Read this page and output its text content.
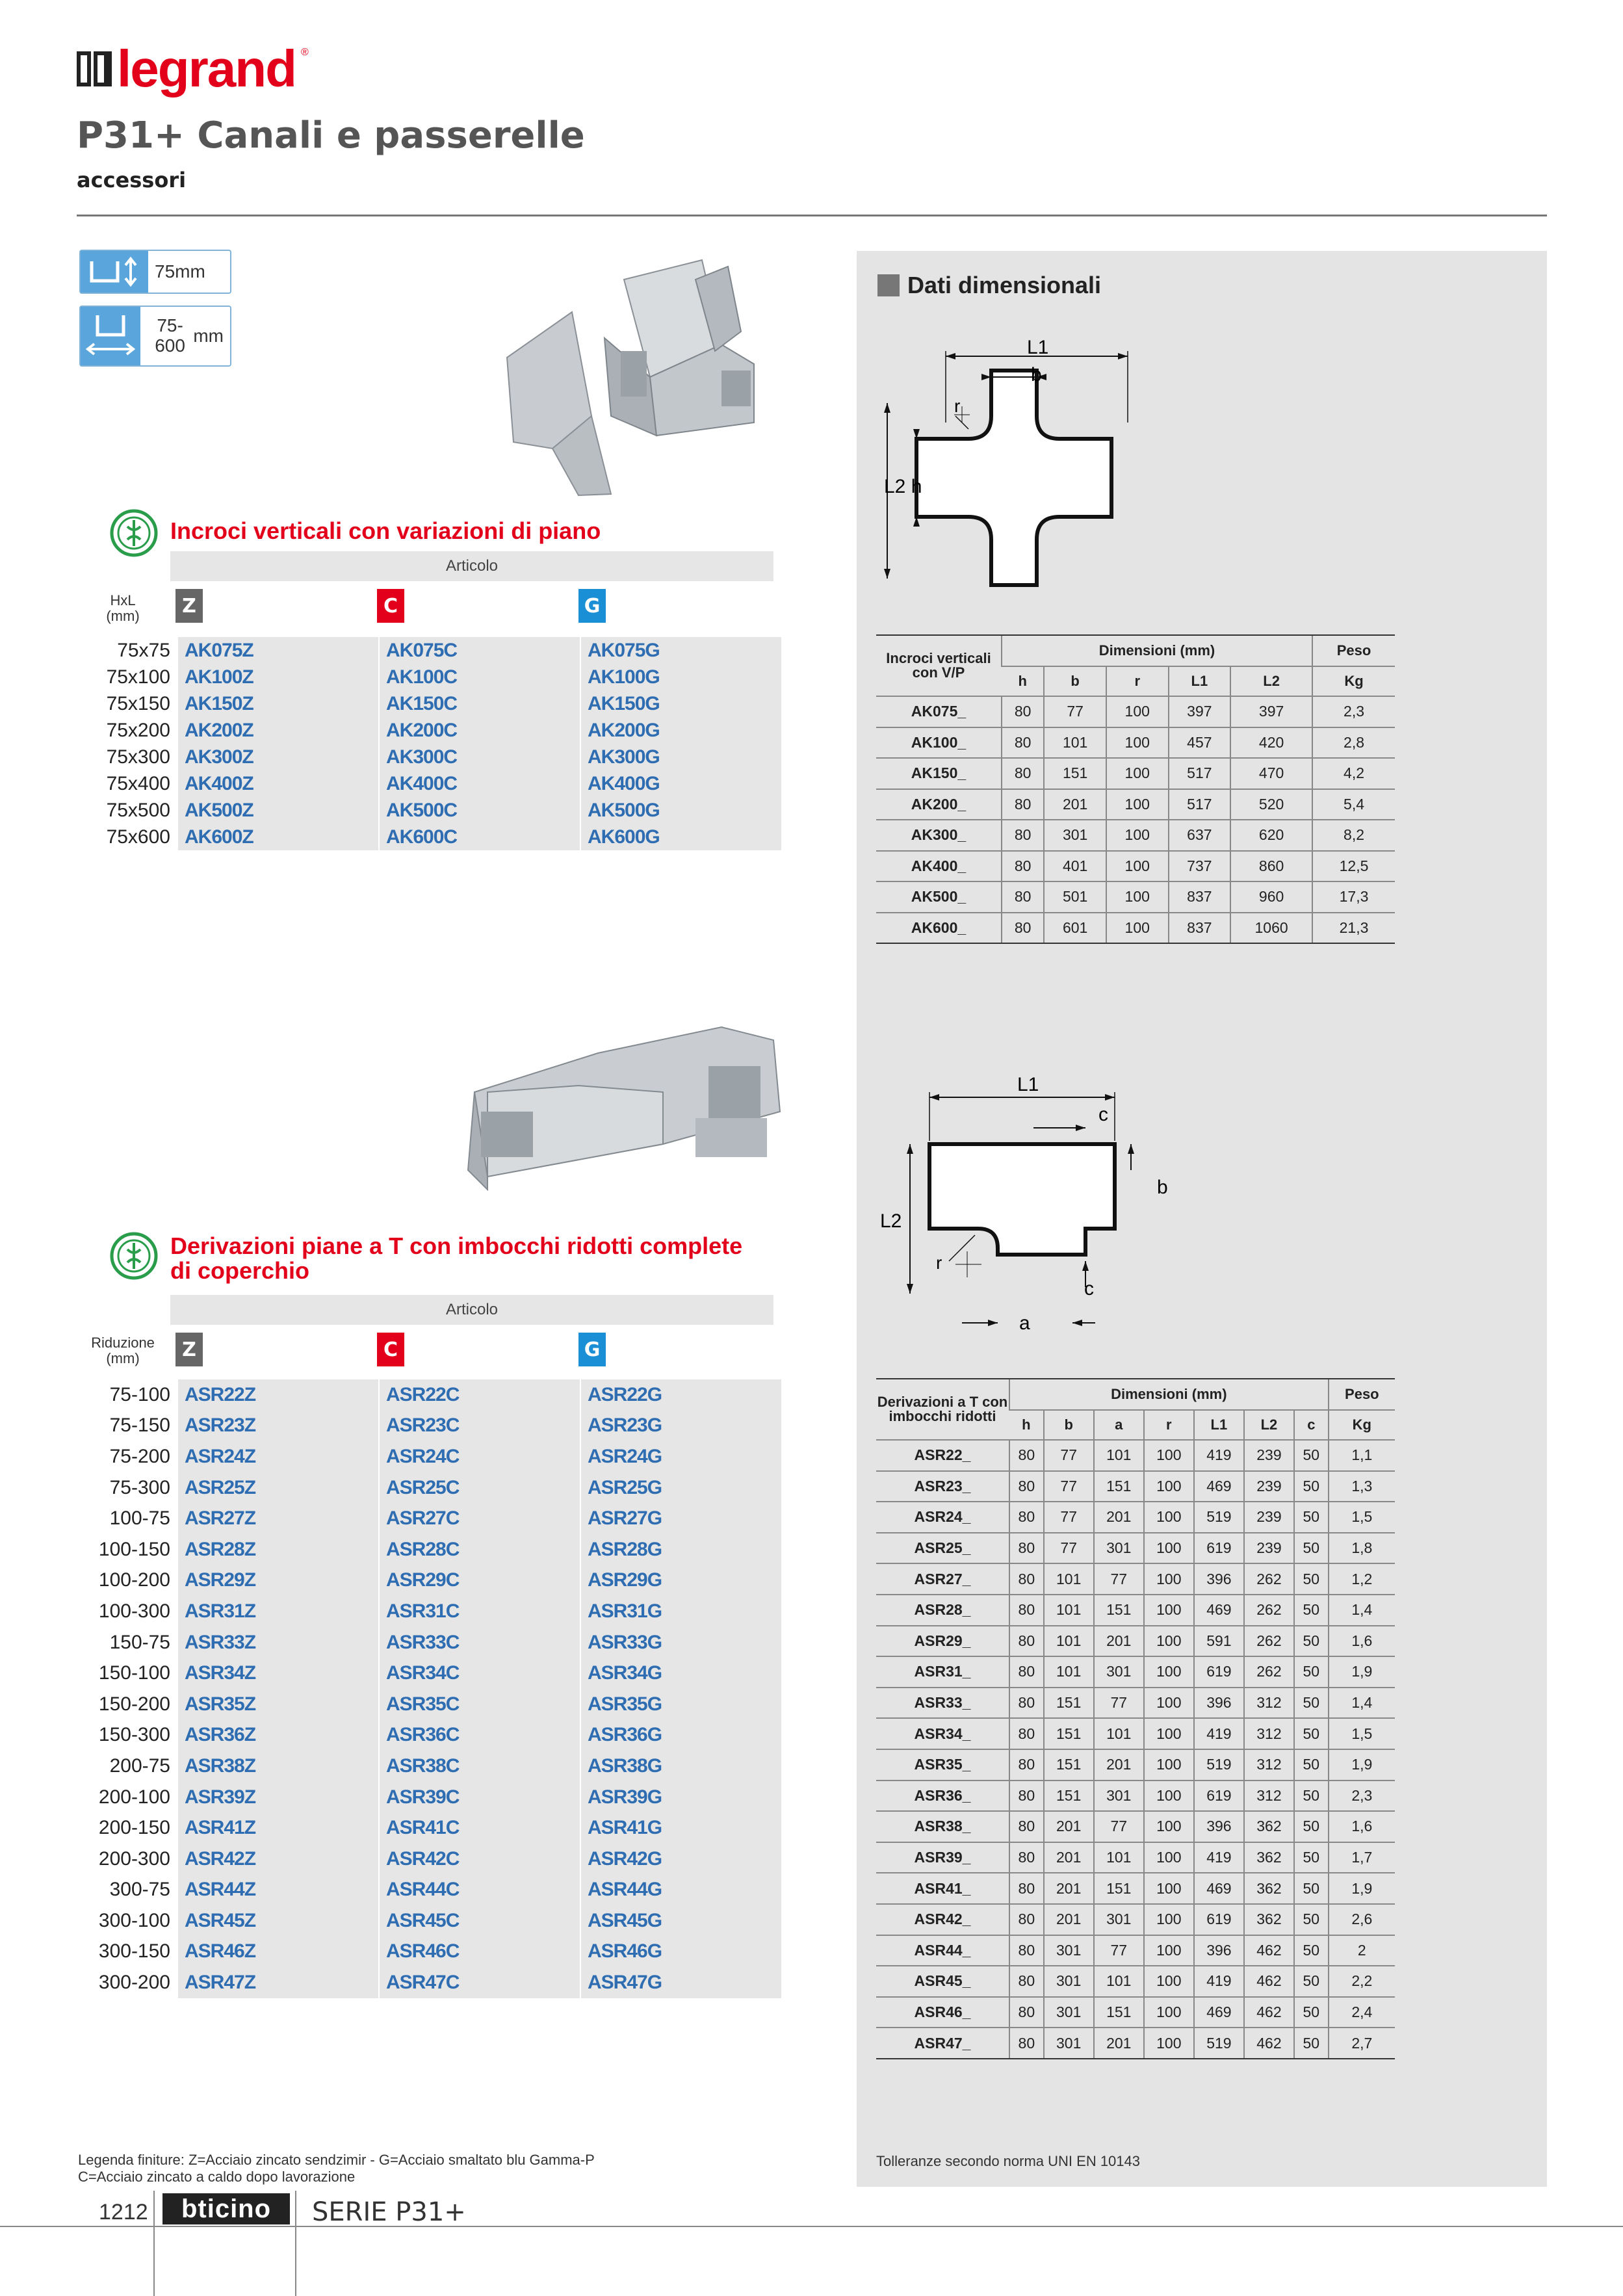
legrand ®
P31+ Canali e passerelle
accessori
Dati dimensionali
75mm
75-600 mm
Incroci verticali con variazioni di piano
Articolo
HxL
(mm)	Z	C	G
75x75	AK075Z	AK075C	AK075G
75x100	AK100Z	AK100C	AK100G
75x150	AK150Z	AK150C	AK150G
75x200	AK200Z	AK200C	AK200G
75x300	AK300Z	AK300C	AK300G
75x400	AK400Z	AK400C	AK400G
75x500	AK500Z	AK500C	AK500G
75x600	AK600Z	AK600C	AK600G
L1
b
r
L2 h
Incroci verticali con V/P	Dimensioni (mm)					Peso
	h	b	r	L1	L2	Kg
AK075_	80	77	100	397	397	2,3
AK100_	80	101	100	457	420	2,8
AK150_	80	151	100	517	470	4,2
AK200_	80	201	100	517	520	5,4
AK300_	80	301	100	637	620	8,2
AK400_	80	401	100	737	860	12,5
AK500_	80	501	100	837	960	17,3
AK600_	80	601	100	837	1060	21,3
Derivazioni piane a T con imbocchi ridotti complete
di coperchio
Articolo
Riduzione
(mm)	Z	C	G
75-100	ASR22Z	ASR22C	ASR22G
75-150	ASR23Z	ASR23C	ASR23G
75-200	ASR24Z	ASR24C	ASR24G
75-300	ASR25Z	ASR25C	ASR25G
100-75	ASR27Z	ASR27C	ASR27G
100-150	ASR28Z	ASR28C	ASR28G
100-200	ASR29Z	ASR29C	ASR29G
100-300	ASR31Z	ASR31C	ASR31G
150-75	ASR33Z	ASR33C	ASR33G
150-100	ASR34Z	ASR34C	ASR34G
150-200	ASR35Z	ASR35C	ASR35G
150-300	ASR36Z	ASR36C	ASR36G
200-75	ASR38Z	ASR38C	ASR38G
200-100	ASR39Z	ASR39C	ASR39G
200-150	ASR41Z	ASR41C	ASR41G
200-300	ASR42Z	ASR42C	ASR42G
300-75	ASR44Z	ASR44C	ASR44G
300-100	ASR45Z	ASR45C	ASR45G
300-150	ASR46Z	ASR46C	ASR46G
300-200	ASR47Z	ASR47C	ASR47G
L1
c
b
L2
r
c
a
Derivazioni a T con imbocchi ridotti	Dimensioni (mm)							Peso
	h	b	a	r	L1	L2	c	Kg
ASR22_	80	77	101	100	419	239	50	1,1
ASR23_	80	77	151	100	469	239	50	1,3
ASR24_	80	77	201	100	519	239	50	1,5
ASR25_	80	77	301	100	619	239	50	1,8
ASR27_	80	101	77	100	396	262	50	1,2
ASR28_	80	101	151	100	469	262	50	1,4
ASR29_	80	101	201	100	591	262	50	1,6
ASR31_	80	101	301	100	619	262	50	1,9
ASR33_	80	151	77	100	396	312	50	1,4
ASR34_	80	151	101	100	419	312	50	1,5
ASR35_	80	151	201	100	519	312	50	1,9
ASR36_	80	151	301	100	619	312	50	2,3
ASR38_	80	201	77	100	396	362	50	1,6
ASR39_	80	201	101	100	419	362	50	1,7
ASR41_	80	201	151	100	469	362	50	1,9
ASR42_	80	201	301	100	619	362	50	2,6
ASR44_	80	301	77	100	396	462	50	2
ASR45_	80	301	101	100	419	462	50	2,2
ASR46_	80	301	151	100	469	462	50	2,4
ASR47_	80	301	201	100	519	462	50	2,7
Legenda finiture: Z=Acciaio zincato sendzimir - G=Acciaio smaltato blu Gamma-P
C=Acciaio zincato a caldo dopo lavorazione
Tolleranze secondo norma UNI EN 10143
1212	bticino	SERIE P31+
